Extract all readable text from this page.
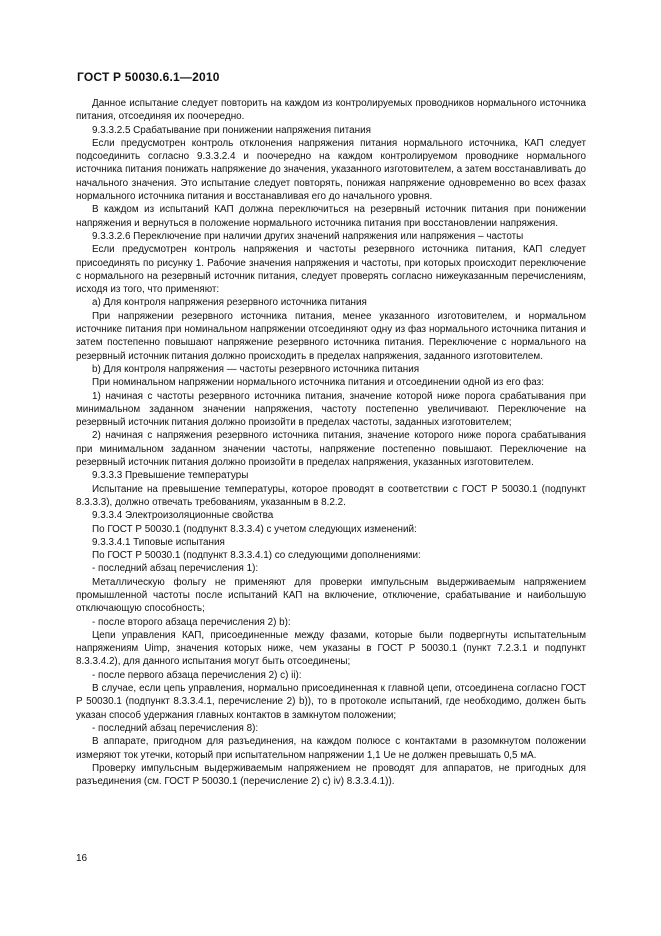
ГОСТ Р 50030.6.1—2010

Данное испытание следует повторить на каждом из контролируемых проводников нормального источника питания, отсоединяя их поочередно.

9.3.3.2.5 Срабатывание при понижении напряжения питания

Если предусмотрен контроль отклонения напряжения питания нормального источника, КАП следует подсоединить согласно 9.3.3.2.4 и поочередно на каждом контролируемом проводнике нормального источника питания понижать напряжение до значения, указанного изготовителем, а затем восстанавливать до начального значения. Это испытание следует повторять, понижая напряжение одновременно во всех фазах нормального источника питания и восстанавливая его до начального уровня.

В каждом из испытаний КАП должна переключиться на резервный источник питания при понижении напряжения и вернуться в положение нормального источника питания при восстановлении напряжения.

9.3.3.2.6 Переключение при наличии других значений напряжения или напряжения – частоты

Если предусмотрен контроль напряжения и частоты резервного источника питания, КАП следует присоединять по рисунку 1. Рабочие значения напряжения и частоты, при которых происходит переключение с нормального на резервный источник питания, следует проверять согласно нижеуказанным перечислениям, исходя из того, что применяют:

a) Для контроля напряжения резервного источника питания

При напряжении резервного источника питания, менее указанного изготовителем, и нормальном источнике питания при номинальном напряжении отсоединяют одну из фаз нормального источника питания и затем постепенно повышают напряжение резервного источника питания. Переключение с нормального на резервный источник питания должно происходить в пределах напряжения, заданного изготовителем.

b) Для контроля напряжения — частоты резервного источника питания

При номинальном напряжении нормального источника питания и отсоединении одной из его фаз:

1) начиная с частоты резервного источника питания, значение которой ниже порога срабатывания при минимальном заданном значении напряжения, частоту постепенно увеличивают. Переключение на резервный источник питания должно произойти в пределах частоты, заданных изготовителем;

2) начиная с напряжения резервного источника питания, значение которого ниже порога срабатывания при минимальном заданном значении частоты, напряжение постепенно повышают. Переключение на резервный источник питания должно произойти в пределах напряжения, указанных изготовителем.

9.3.3.3 Превышение температуры

Испытание на превышение температуры, которое проводят в соответствии с ГОСТ Р 50030.1 (подпункт 8.3.3.3), должно отвечать требованиям, указанным в 8.2.2.

9.3.3.4 Электроизоляционные свойства

По ГОСТ Р 50030.1 (подпункт 8.3.3.4) с учетом следующих изменений:

9.3.3.4.1 Типовые испытания

По ГОСТ Р 50030.1 (подпункт 8.3.3.4.1) со следующими дополнениями:

- последний абзац перечисления 1):

Металлическую фольгу не применяют для проверки импульсным выдерживаемым напряжением промышленной частоты после испытаний КАП на включение, отключение, срабатывание и наибольшую отключающую способность;

- после второго абзаца перечисления 2) b):

Цепи управления КАП, присоединенные между фазами, которые были подвергнуты испытательным напряжениям Uimp, значения которых ниже, чем указаны в ГОСТ Р 50030.1 (пункт 7.2.3.1 и подпункт 8.3.3.4.2), для данного испытания могут быть отсоединены;

- после первого абзаца перечисления 2) c) ii):

В случае, если цепь управления, нормально присоединенная к главной цепи, отсоединена согласно ГОСТ Р 50030.1 (подпункт 8.3.3.4.1, перечисление 2) b)), то в протоколе испытаний, где необходимо, должен быть указан способ удержания главных контактов в замкнутом положении;

- последний абзац перечисления 8):

В аппарате, пригодном для разъединения, на каждом полюсе с контактами в разомкнутом положении измеряют ток утечки, который при испытательном напряжении 1,1 Ue не должен превышать 0,5 мА.

Проверку импульсным выдерживаемым напряжением не проводят для аппаратов, не пригодных для разъединения (см. ГОСТ Р 50030.1 (перечисление 2) c) iv) 8.3.3.4.1)).

16
